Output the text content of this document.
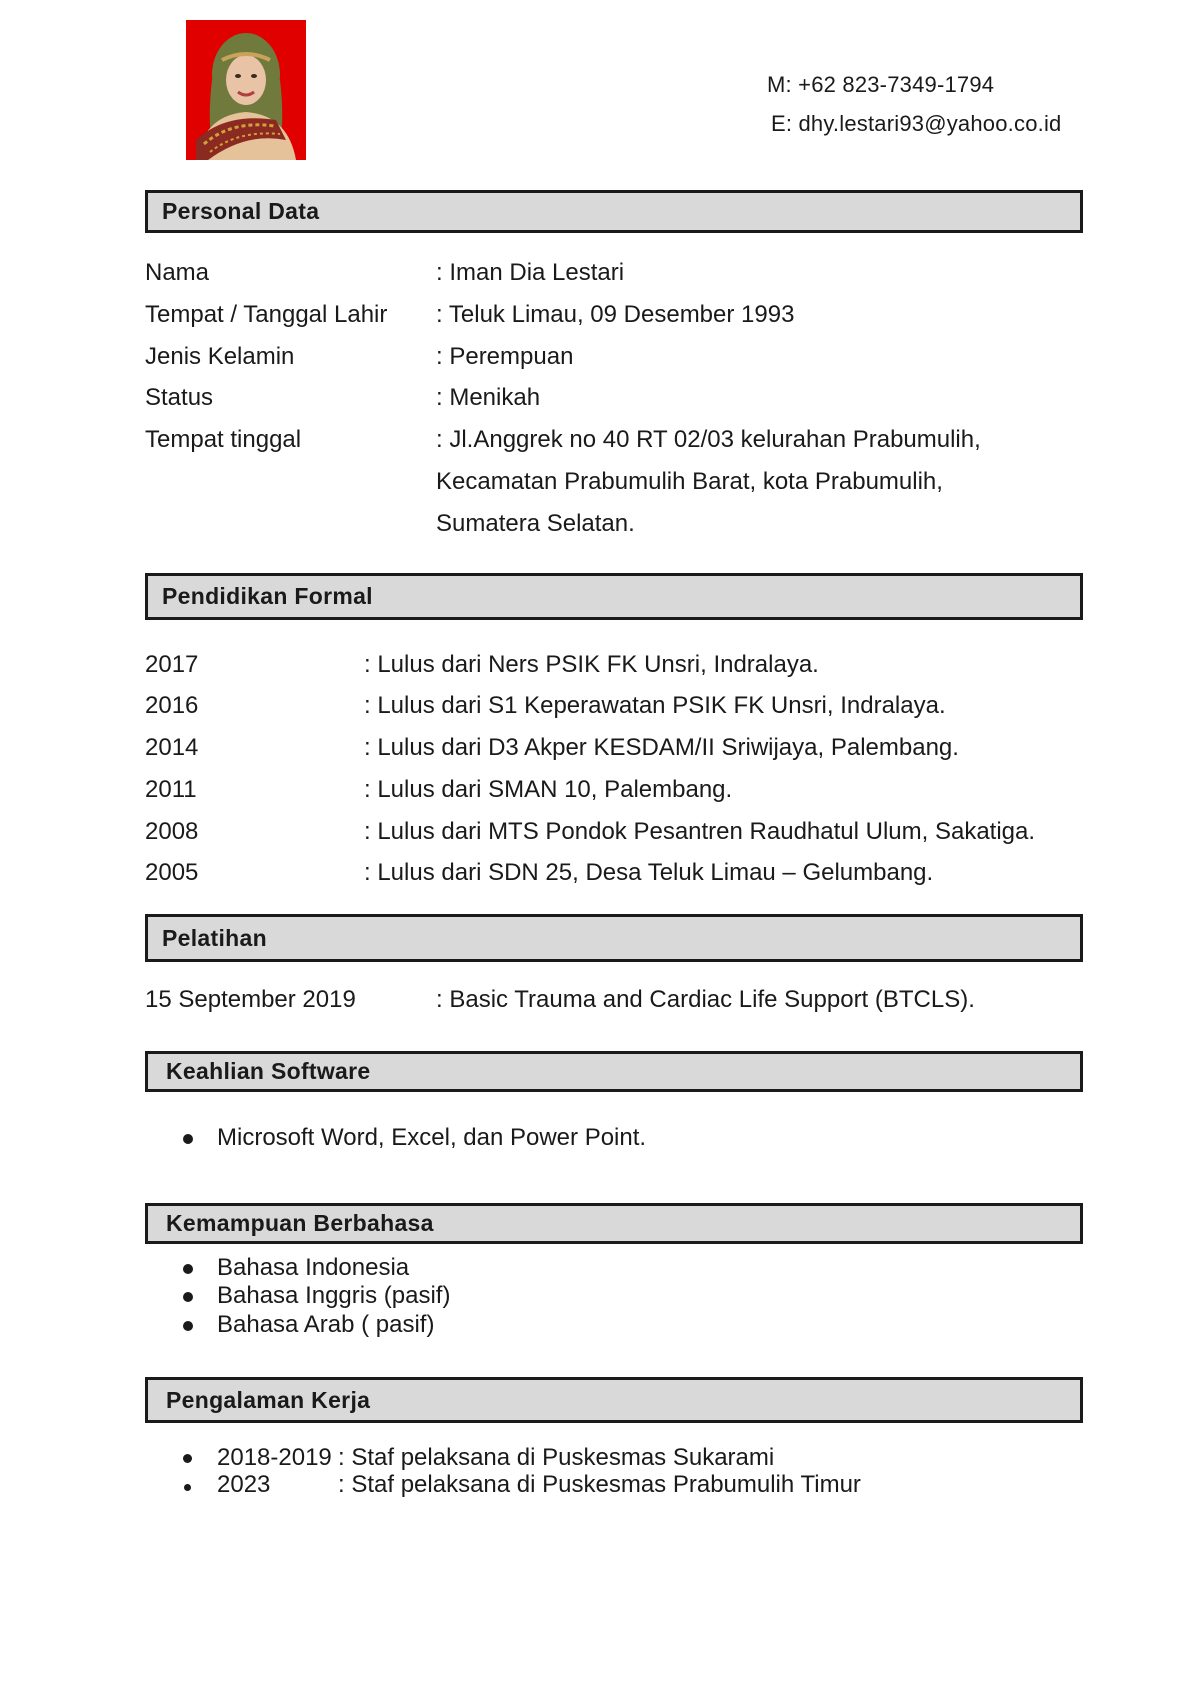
M: +62 823-7349-1794
E: dhy.lestari93@yahoo.co.id
Personal Data
Nama	: Iman Dia Lestari
Tempat / Tanggal Lahir : Teluk Limau, 09 Desember 1993
Jenis Kelamin	: Perempuan
Status	: Menikah
Tempat tinggal	: Jl.Anggrek no 40 RT 02/03 kelurahan Prabumulih,
Kecamatan Prabumulih Barat, kota Prabumulih,
Sumatera Selatan.
Pendidikan Formal
2017	: Lulus dari Ners PSIK FK Unsri, Indralaya.
2016	: Lulus dari S1 Keperawatan PSIK FK Unsri, Indralaya.
2014	: Lulus dari D3 Akper KESDAM/II Sriwijaya, Palembang.
2011	: Lulus dari SMAN 10, Palembang.
2008	: Lulus dari MTS Pondok Pesantren Raudhatul Ulum, Sakatiga.
2005	: Lulus dari SDN 25, Desa Teluk Limau – Gelumbang.
Pelatihan
15 September 2019	: Basic Trauma and Cardiac Life Support (BTCLS).
Keahlian Software
Microsoft Word, Excel, dan Power Point.
Kemampuan Berbahasa
Bahasa Indonesia
Bahasa Inggris (pasif)
Bahasa Arab ( pasif)
Pengalaman Kerja
2018-2019 : Staf pelaksana di Puskesmas Sukarami
2023	: Staf pelaksana di Puskesmas Prabumulih Timur
